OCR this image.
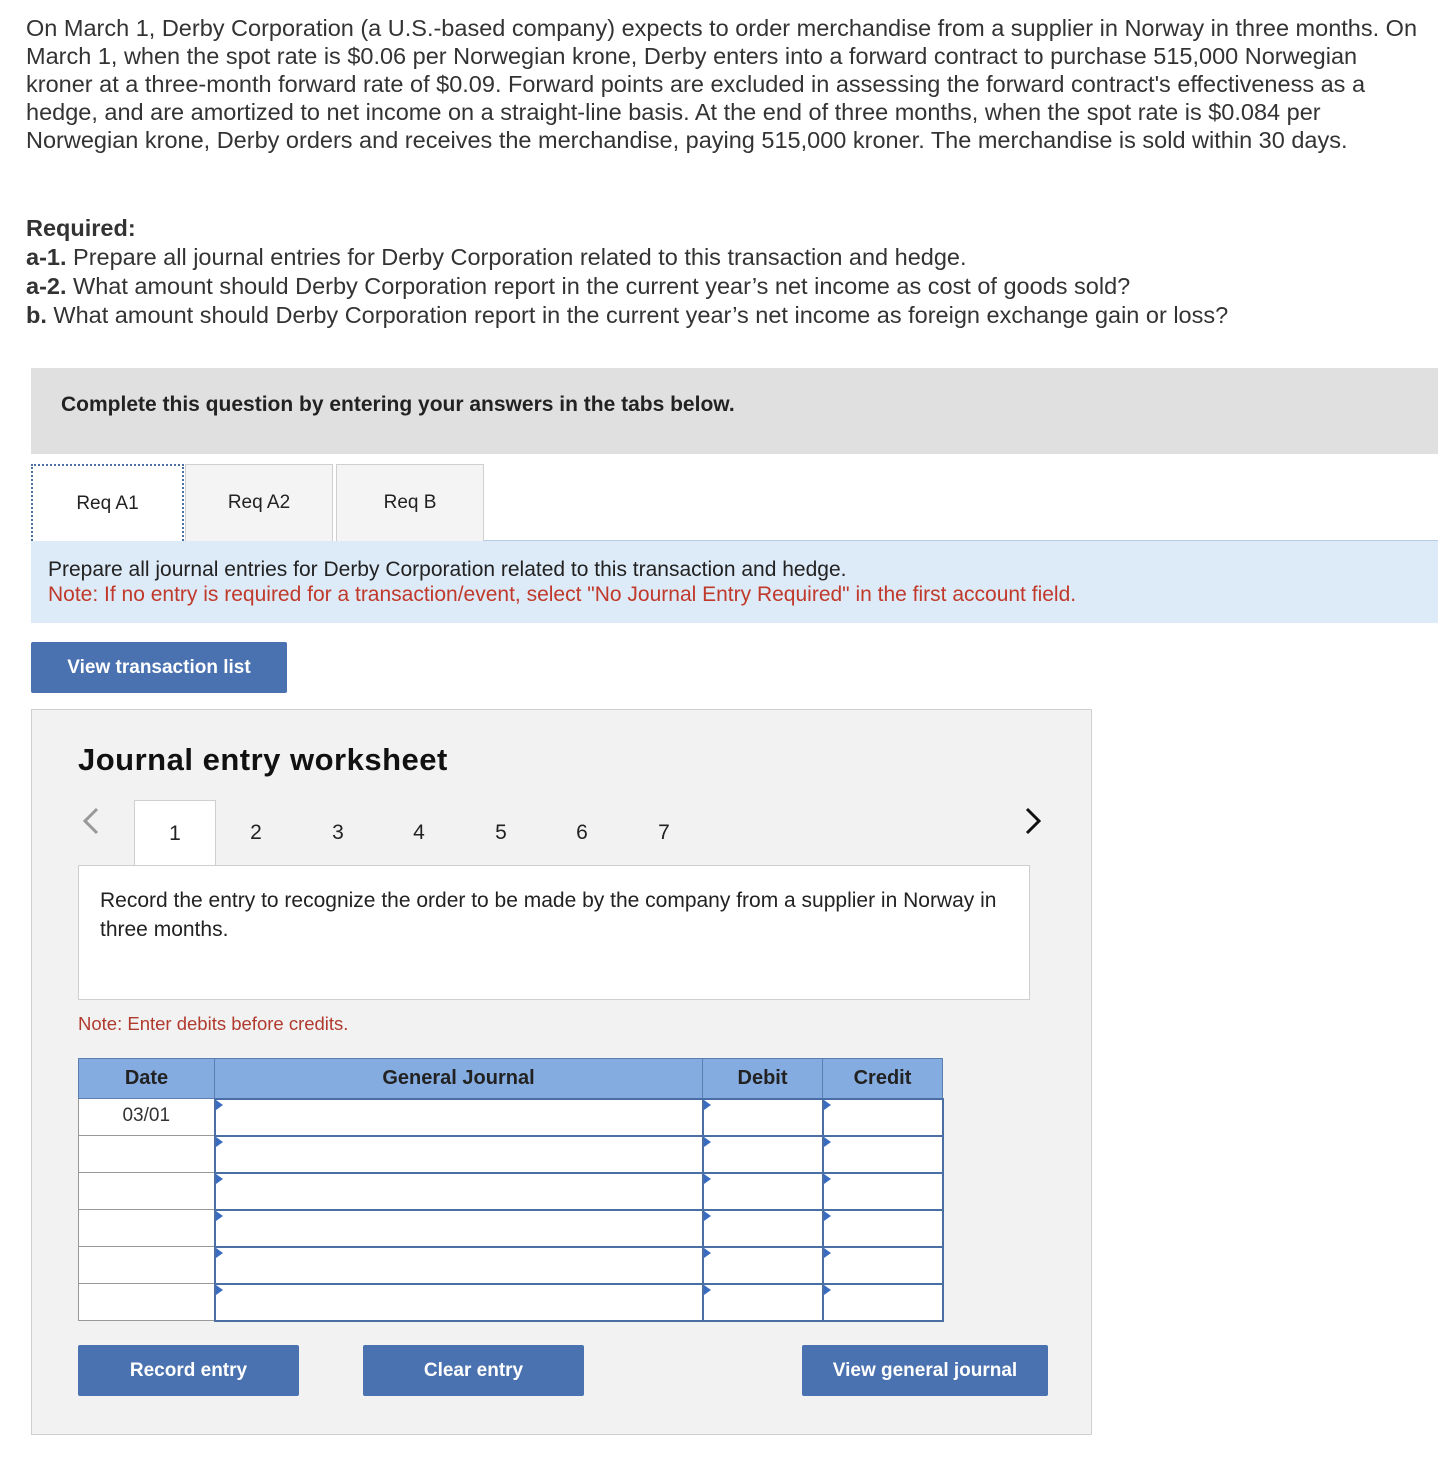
On March 1, Derby Corporation (a U.S.-based company) expects to order merchandise from a supplier in Norway in three months. On March 1, when the spot rate is $0.06 per Norwegian krone, Derby enters into a forward contract to purchase 515,000 Norwegian kroner at a three-month forward rate of $0.09. Forward points are excluded in assessing the forward contract's effectiveness as a hedge, and are amortized to net income on a straight-line basis. At the end of three months, when the spot rate is $0.084 per Norwegian krone, Derby orders and receives the merchandise, paying 515,000 kroner. The merchandise is sold within 30 days.
Required:
a-1. Prepare all journal entries for Derby Corporation related to this transaction and hedge.
a-2. What amount should Derby Corporation report in the current year’s net income as cost of goods sold?
b. What amount should Derby Corporation report in the current year’s net income as foreign exchange gain or loss?
Complete this question by entering your answers in the tabs below.
Req A1	Req A2	Req B
Prepare all journal entries for Derby Corporation related to this transaction and hedge.
Note: If no entry is required for a transaction/event, select "No Journal Entry Required" in the first account field.
View transaction list
Journal entry worksheet
1	2	3	4	5	6	7
Record the entry to recognize the order to be made by the company from a supplier in Norway in three months.
Note: Enter debits before credits.
Date	General Journal	Debit	Credit
03/01			

Record entry	Clear entry	View general journal
